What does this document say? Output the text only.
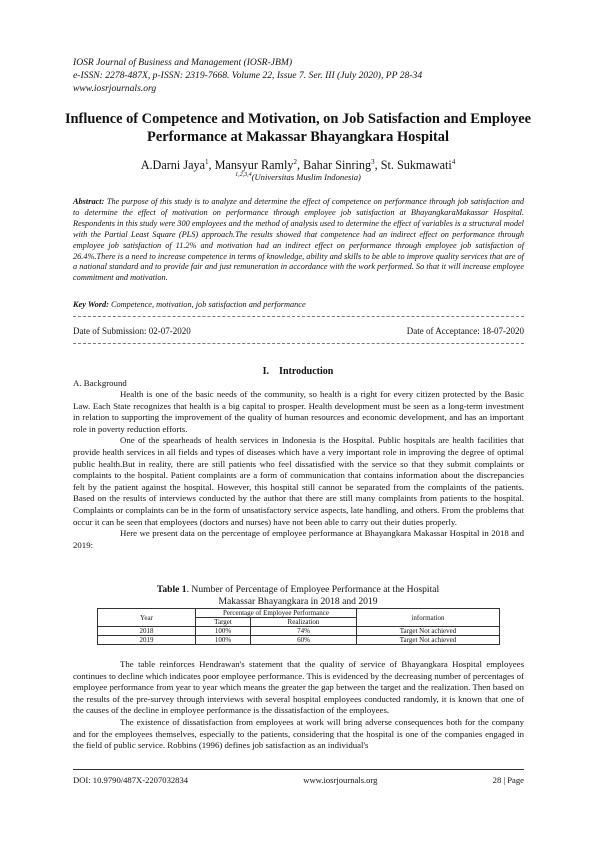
IOSR Journal of Business and Management (IOSR-JBM)
e-ISSN: 2278-487X, p-ISSN: 2319-7668. Volume 22, Issue 7. Ser. III (July 2020), PP 28-34
www.iosrjournals.org
Influence of Competence and Motivation, on Job Satisfaction and Employee Performance at Makassar Bhayangkara Hospital
A.Darni Jaya$^1$, Mansyur Ramly$^2$, Bahar Sinring$^3$, St. Sukmawati$^4$
$^{1,2,3,4}$(Universitas Muslim Indonesia)
Abstract: The purpose of this study is to analyze and determine the effect of competence on performance through job satisfaction and to determine the effect of motivation on performance through employee job satisfaction at BhayangkaraMakassar Hospital. Respondents in this study were 300 employees and the method of analysis used to determine the effect of variables is a structural model with the Partial Least Square (PLS) approach.The results showed that competence had an indirect effect on performance through employee job satisfaction of 11.2% and motivation had an indirect effect on performance through employee job satisfaction of 26.4%.There is a need to increase competence in terms of knowledge, ability and skills to be able to improve quality services that are of a national standard and to provide fair and just remuneration in accordance with the work performed. So that it will increase employee commitment and motivation.
Key Word: Competence, motivation, job satisfaction and performance
Date of Submission: 02-07-2020	Date of Acceptance: 18-07-2020
I.    Introduction
A. Background

Health is one of the basic needs of the community, so health is a right for every citizen protected by the Basic Law. Each State recognizes that health is a big capital to prosper. Health development must be seen as a long-term investment in relation to supporting the improvement of the quality of human resources and economic development, and has an important role in poverty reduction efforts.

One of the spearheads of health services in Indonesia is the Hospital. Public hospitals are health facilities that provide health services in all fields and types of diseases which have a very important role in improving the degree of optimal public health.But in reality, there are still patients who feel dissatisfied with the service so that they submit complaints or complaints to the hospital. Patient complaints are a form of communication that contains information about the discrepancies felt by the patient against the hospital. However, this hospital still cannot be separated from the complaints of the patients. Based on the results of interviews conducted by the author that there are still many complaints from patients to the hospital. Complaints or complaints can be in the form of unsatisfactory service aspects, late handling, and others. From the problems that occur it can be seen that employees (doctors and nurses) have not been able to carry out their duties properly.

Here we present data on the percentage of employee performance at Bhayangkara Makassar Hospital in 2018 and 2019:

Table 1. Number of Percentage of Employee Performance at the Hospital
Makassar Bhayangkara in 2018 and 2019
Year	Percentage of Employee Performance		information
	Target	Realization	
2018	100%	74%	Target Not achieved
2019	100%	60%	Target Not achieved

The table reinforces Hendrawan's statement that the quality of service of Bhayangkara Hospital employees continues to decline which indicates poor employee performance. This is evidenced by the decreasing number of percentages of employee performance from year to year which means the greater the gap between the target and the realization. Then based on the results of the pre-survey through interviews with several hospital employees conducted randomly, it is known that one of the causes of the decline in employee performance is the dissatisfaction of the employees.

The existence of dissatisfaction from employees at work will bring adverse consequences both for the company and for the employees themselves, especially to the patients, considering that the hospital is one of the companies engaged in the field of public service. Robbins (1996) defines job satisfaction as an individual's

DOI: 10.9790/487X-2207032834	www.iosrjournals.org	28 | Page
